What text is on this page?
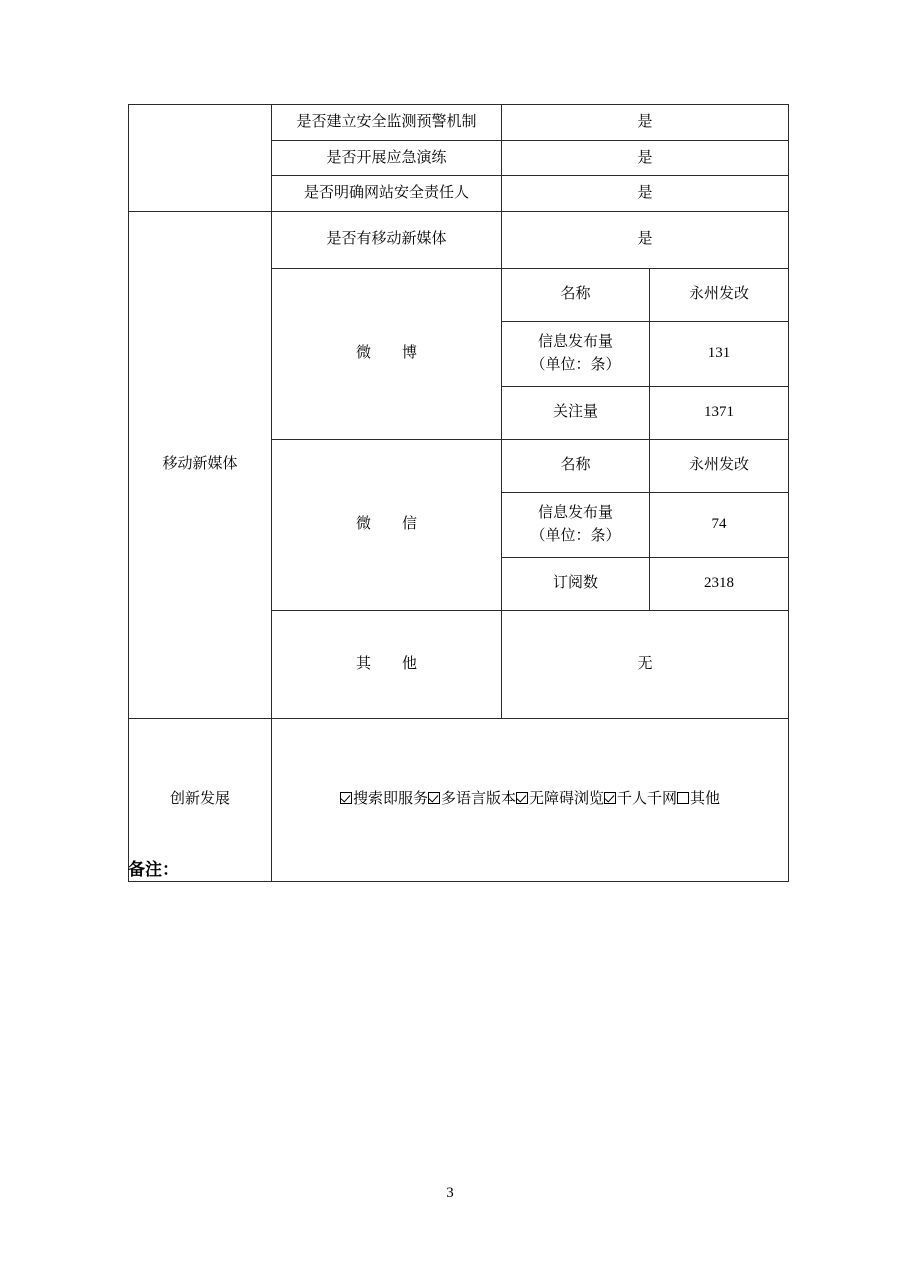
	是否建立安全监测预警机制	是	
	是否开展应急演练	是	
	是否明确网站安全责任人	是	
移动新媒体	是否有移动新媒体	是	
	微　博	名称	永州发改
		信息发布量
（单位：条）	131
		关注量	1371
	微　信	名称	永州发改
		信息发布量
（单位：条）	74
		订阅数	2318
	其　他	无	
创新发展	搜索即服务 多语言版本 无障碍浏览 千人千网 其他		
备注：
3
